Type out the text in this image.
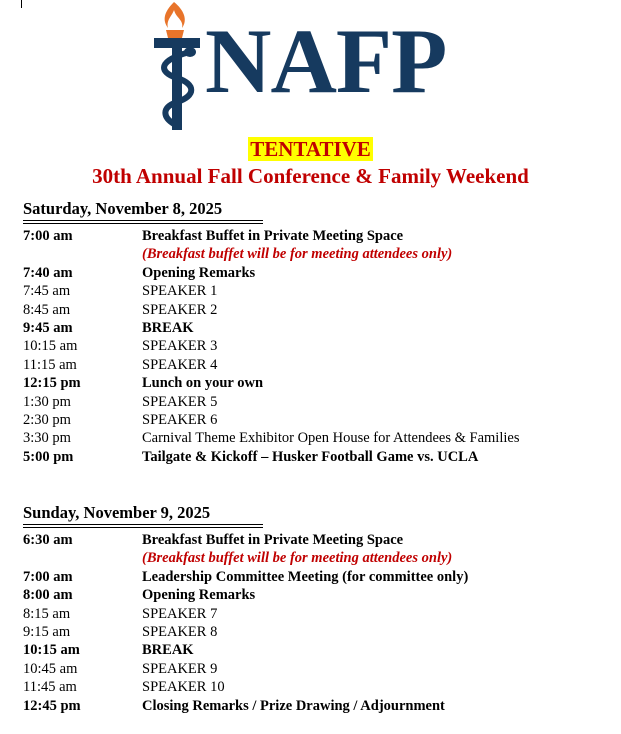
NAFP
TENTATIVE
30th Annual Fall Conference & Family Weekend
Saturday, November 8, 2025
7:00 am	Breakfast Buffet in Private Meeting Space
(Breakfast buffet will be for meeting attendees only)
7:40 am	Opening Remarks
7:45 am	SPEAKER 1
8:45 am	SPEAKER 2
9:45 am	BREAK
10:15 am	SPEAKER 3
11:15 am	SPEAKER 4
12:15 pm	Lunch on your own
1:30 pm	SPEAKER 5
2:30 pm	SPEAKER 6
3:30 pm	Carnival Theme Exhibitor Open House for Attendees & Families
5:00 pm	Tailgate & Kickoff – Husker Football Game vs. UCLA
Sunday, November 9, 2025
6:30 am	Breakfast Buffet in Private Meeting Space
(Breakfast buffet will be for meeting attendees only)
7:00 am	Leadership Committee Meeting (for committee only)
8:00 am	Opening Remarks
8:15 am	SPEAKER 7
9:15 am	SPEAKER 8
10:15 am	BREAK
10:45 am	SPEAKER 9
11:45 am	SPEAKER 10
12:45 pm	Closing Remarks / Prize Drawing / Adjournment
